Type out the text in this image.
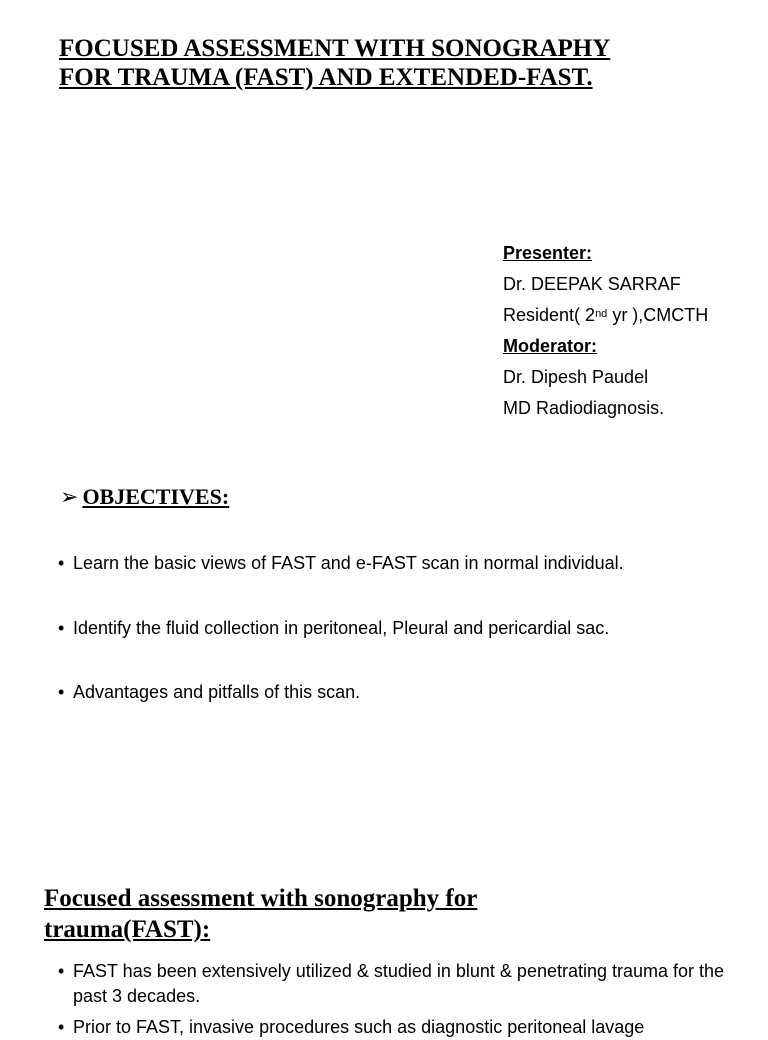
FOCUSED ASSESSMENT WITH SONOGRAPHY
FOR TRAUMA (FAST) AND EXTENDED-FAST.
Presenter:
Dr. DEEPAK SARRAF
Resident( 2nd yr ),CMCTH
Moderator:
Dr. Dipesh Paudel
MD Radiodiagnosis.
➢ OBJECTIVES:
• Learn the basic views of FAST and e-FAST scan in normal individual.
• Identify the fluid collection in peritoneal, Pleural and pericardial sac.
• Advantages and pitfalls of this scan.
Focused assessment with sonography for
trauma(FAST):
• FAST has been extensively utilized & studied in blunt & penetrating trauma for the past 3 decades.
• Prior to FAST, invasive procedures such as diagnostic peritoneal lavage
